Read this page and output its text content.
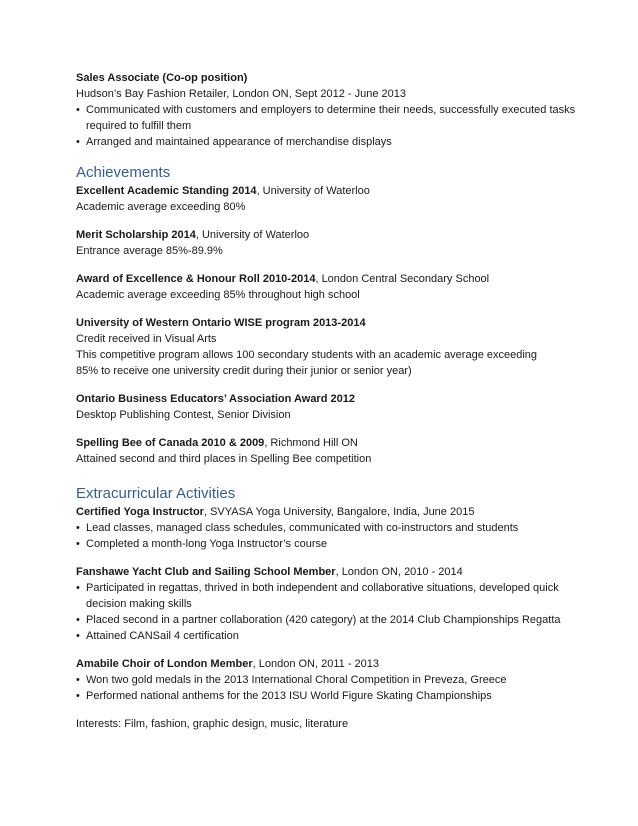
Sales Associate (Co-op position)
Hudson’s Bay Fashion Retailer, London ON, Sept 2012 - June 2013
• Communicated with customers and employers to determine their needs, successfully executed tasks required to fulfill them
• Arranged and maintained appearance of merchandise displays
Achievements
Excellent Academic Standing 2014, University of Waterloo
Academic average exceeding 80%
Merit Scholarship 2014, University of Waterloo
Entrance average 85%-89.9%
Award of Excellence & Honour Roll 2010-2014, London Central Secondary School
Academic average exceeding 85% throughout high school
University of Western Ontario WISE program 2013-2014
Credit received in Visual Arts
This competitive program allows 100 secondary students with an academic average exceeding
85% to receive one university credit during their junior or senior year)
Ontario Business Educators’ Association Award 2012
Desktop Publishing Contest, Senior Division
Spelling Bee of Canada 2010 & 2009, Richmond Hill ON
Attained second and third places in Spelling Bee competition
Extracurricular Activities
Certified Yoga Instructor, SVYASA Yoga University, Bangalore, India, June 2015
• Lead classes, managed class schedules, communicated with co-instructors and students
• Completed a month-long Yoga Instructor’s course
Fanshawe Yacht Club and Sailing School Member, London ON, 2010 - 2014
• Participated in regattas, thrived in both independent and collaborative situations, developed quick decision making skills
• Placed second in a partner collaboration (420 category) at the 2014 Club Championships Regatta
• Attained CANSail 4 certification
Amabile Choir of London Member, London ON, 2011 - 2013
• Won two gold medals in the 2013 International Choral Competition in Preveza, Greece
• Performed national anthems for the 2013 ISU World Figure Skating Championships
Interests: Film, fashion, graphic design, music, literature
